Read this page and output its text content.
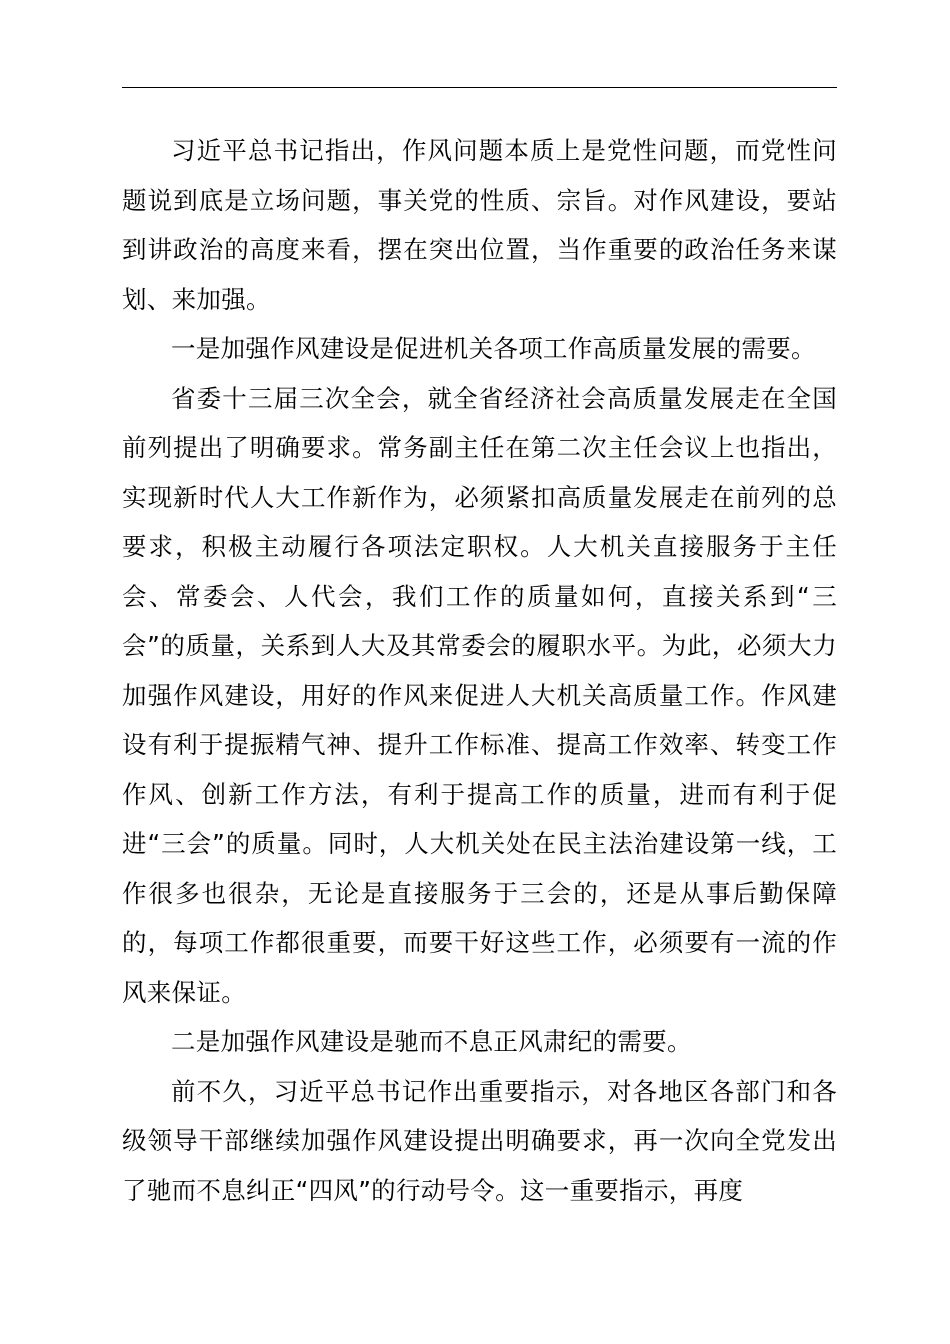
习近平总书记指出，作风问题本质上是党性问题，而党性问题说到底是立场问题，事关党的性质、宗旨。对作风建设，要站到讲政治的高度来看，摆在突出位置，当作重要的政治任务来谋划、来加强。

一是加强作风建设是促进机关各项工作高质量发展的需要。

省委十三届三次全会，就全省经济社会高质量发展走在全国前列提出了明确要求。常务副主任在第二次主任会议上也指出，实现新时代人大工作新作为，必须紧扣高质量发展走在前列的总要求，积极主动履行各项法定职权。人大机关直接服务于主任会、常委会、人代会，我们工作的质量如何，直接关系到“三会”的质量，关系到人大及其常委会的履职水平。为此，必须大力加强作风建设，用好的作风来促进人大机关高质量工作。作风建设有利于提振精气神、提升工作标准、提高工作效率、转变工作作风、创新工作方法，有利于提高工作的质量，进而有利于促进“三会”的质量。同时，人大机关处在民主法治建设第一线，工作很多也很杂，无论是直接服务于三会的，还是从事后勤保障的，每项工作都很重要，而要干好这些工作，必须要有一流的作风来保证。

二是加强作风建设是驰而不息正风肃纪的需要。

前不久，习近平总书记作出重要指示，对各地区各部门和各级领导干部继续加强作风建设提出明确要求，再一次向全党发出了驰而不息纠正“四风”的行动号令。这一重要指示，再度
